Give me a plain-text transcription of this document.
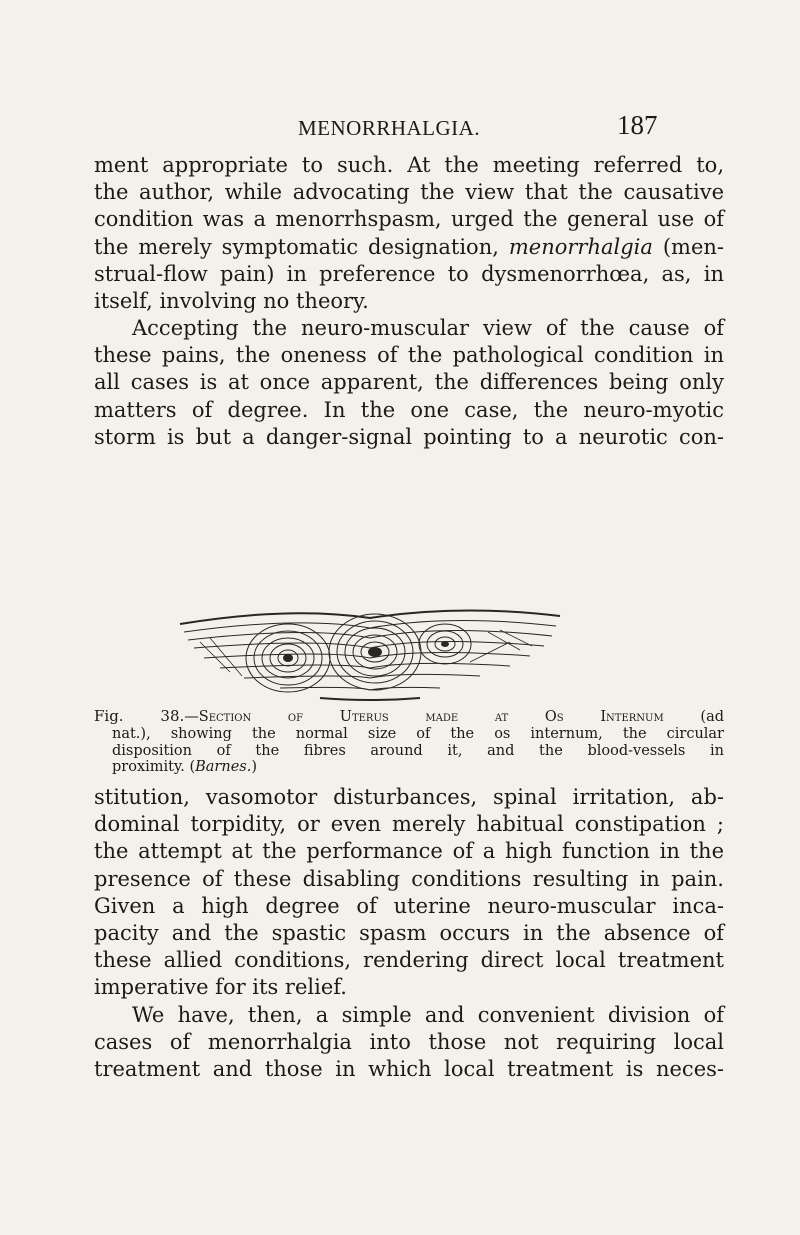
MENORRHALGIA.	187
ment appropriate to such. At the meeting referred to,
the author, while advocating the view that the causative
condition was a menorrhspasm, urged the general use of
the merely symptomatic designation, menorrhalgia (men-
strual-flow pain) in preference to dysmenorrhœa, as, in
itself, involving no theory.
Accepting the neuro-muscular view of the cause of
these pains, the oneness of the pathological condition in
all cases is at once apparent, the differences being only
matters of degree. In the one case, the neuro-myotic
storm is but a danger-signal pointing to a neurotic con-
Fig. 38.—Section of Uterus made at Os Internum (ad
nat.), showing the normal size of the os internum, the circular
disposition of the fibres around it, and the blood-vessels in
proximity. (Barnes.)
stitution, vasomotor disturbances, spinal irritation, ab-
dominal torpidity, or even merely habitual constipation ;
the attempt at the performance of a high function in the
presence of these disabling conditions resulting in pain.
Given a high degree of uterine neuro-muscular inca-
pacity and the spastic spasm occurs in the absence of
these allied conditions, rendering direct local treatment
imperative for its relief.
We have, then, a simple and convenient division of
cases of menorrhalgia into those not requiring local
treatment and those in which local treatment is neces-
